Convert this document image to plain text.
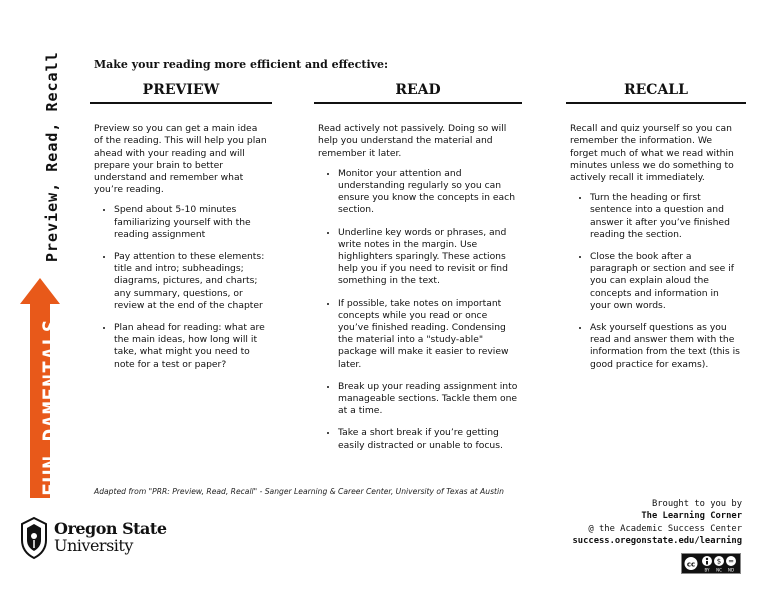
FUN-DAMENTALS
Preview, Read, Recall	Make your reading more efficient and effective:
PREVIEW
Preview so you can get a main idea of the reading. This will help you plan ahead with your reading and will prepare your brain to better understand and remember what you’re reading.
• Spend about 5-10 minutes familiarizing yourself with the reading assignment
• Pay attention to these elements: title and intro; subheadings; diagrams, pictures, and charts; any summary, questions, or review at the end of the chapter
• Plan ahead for reading: what are the main ideas, how long will it take, what might you need to note for a test or paper?
READ
Read actively not passively. Doing so will help you understand the material and remember it later.
• Monitor your attention and understanding regularly so you can ensure you know the concepts in each section.
• Underline key words or phrases, and write notes in the margin. Use highlighters sparingly. These actions help you if you need to revisit or find something in the text.
• If possible, take notes on important concepts while you read or once you’ve finished reading. Condensing the material into a "study-able" package will make it easier to review later.
• Break up your reading assignment into manageable sections. Tackle them one at a time.
• Take a short break if you’re getting easily distracted or unable to focus.
RECALL
Recall and quiz yourself so you can remember the information. We forget much of what we read within minutes unless we do something to actively recall it immediately.
• Turn the heading or first sentence into a question and answer it after you’ve finished reading the section.
• Close the book after a paragraph or section and see if you can explain aloud the concepts and information in your own words.
• Ask yourself questions as you read and answer them with the information from the text (this is good practice for exams).
Adapted from "PRR: Preview, Read, Recall" - Sanger Learning & Career Center, University of Texas at Austin
Oregon State
University
Brought to you by
The Learning Corner
@ the Academic Success Center
success.oregonstate.edu/learning
cc	$ =
BY NC ND
